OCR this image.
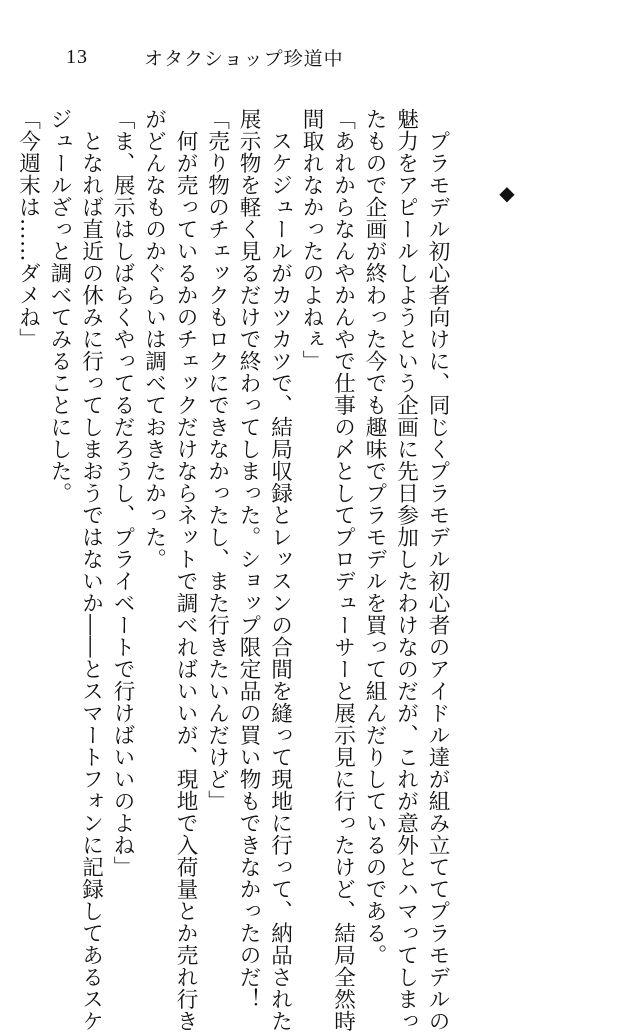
13	オタクショップ珍道中
◆
　プラモデル初心者向けに、同じくプラモデル初心者のアイドル達が組み立ててプラモデルの
魅力をアピールしようという企画に先日参加したわけなのだが、これが意外とハマってしまっ
たもので企画が終わった今でも趣味でプラモデルを買って組んだりしているのである。
「あれからなんやかんやで仕事の〆としてプロデューサーと展示見に行ったけど、結局全然時
間取れなかったのよねぇ」
　スケジュールがカツカツで、結局収録とレッスンの合間を縫って現地に行って、納品された
展示物を軽く見るだけで終わってしまった。ショップ限定品の買い物もできなかったのだ！
「売り物のチェックもロクにできなかったし、また行きたいんだけど」
　何が売っているかのチェックだけならネットで調べればいいが、現地で入荷量とか売れ行き
がどんなものかぐらいは調べておきたかった。
「ま、展示はしばらくやってるだろうし、プライベートで行けばいいのよね」
　となれば直近の休みに行ってしまおうではないか――とスマートフォンに記録してあるスケ
ジュールざっと調べてみることにした。
「今週末は……ダメね」
